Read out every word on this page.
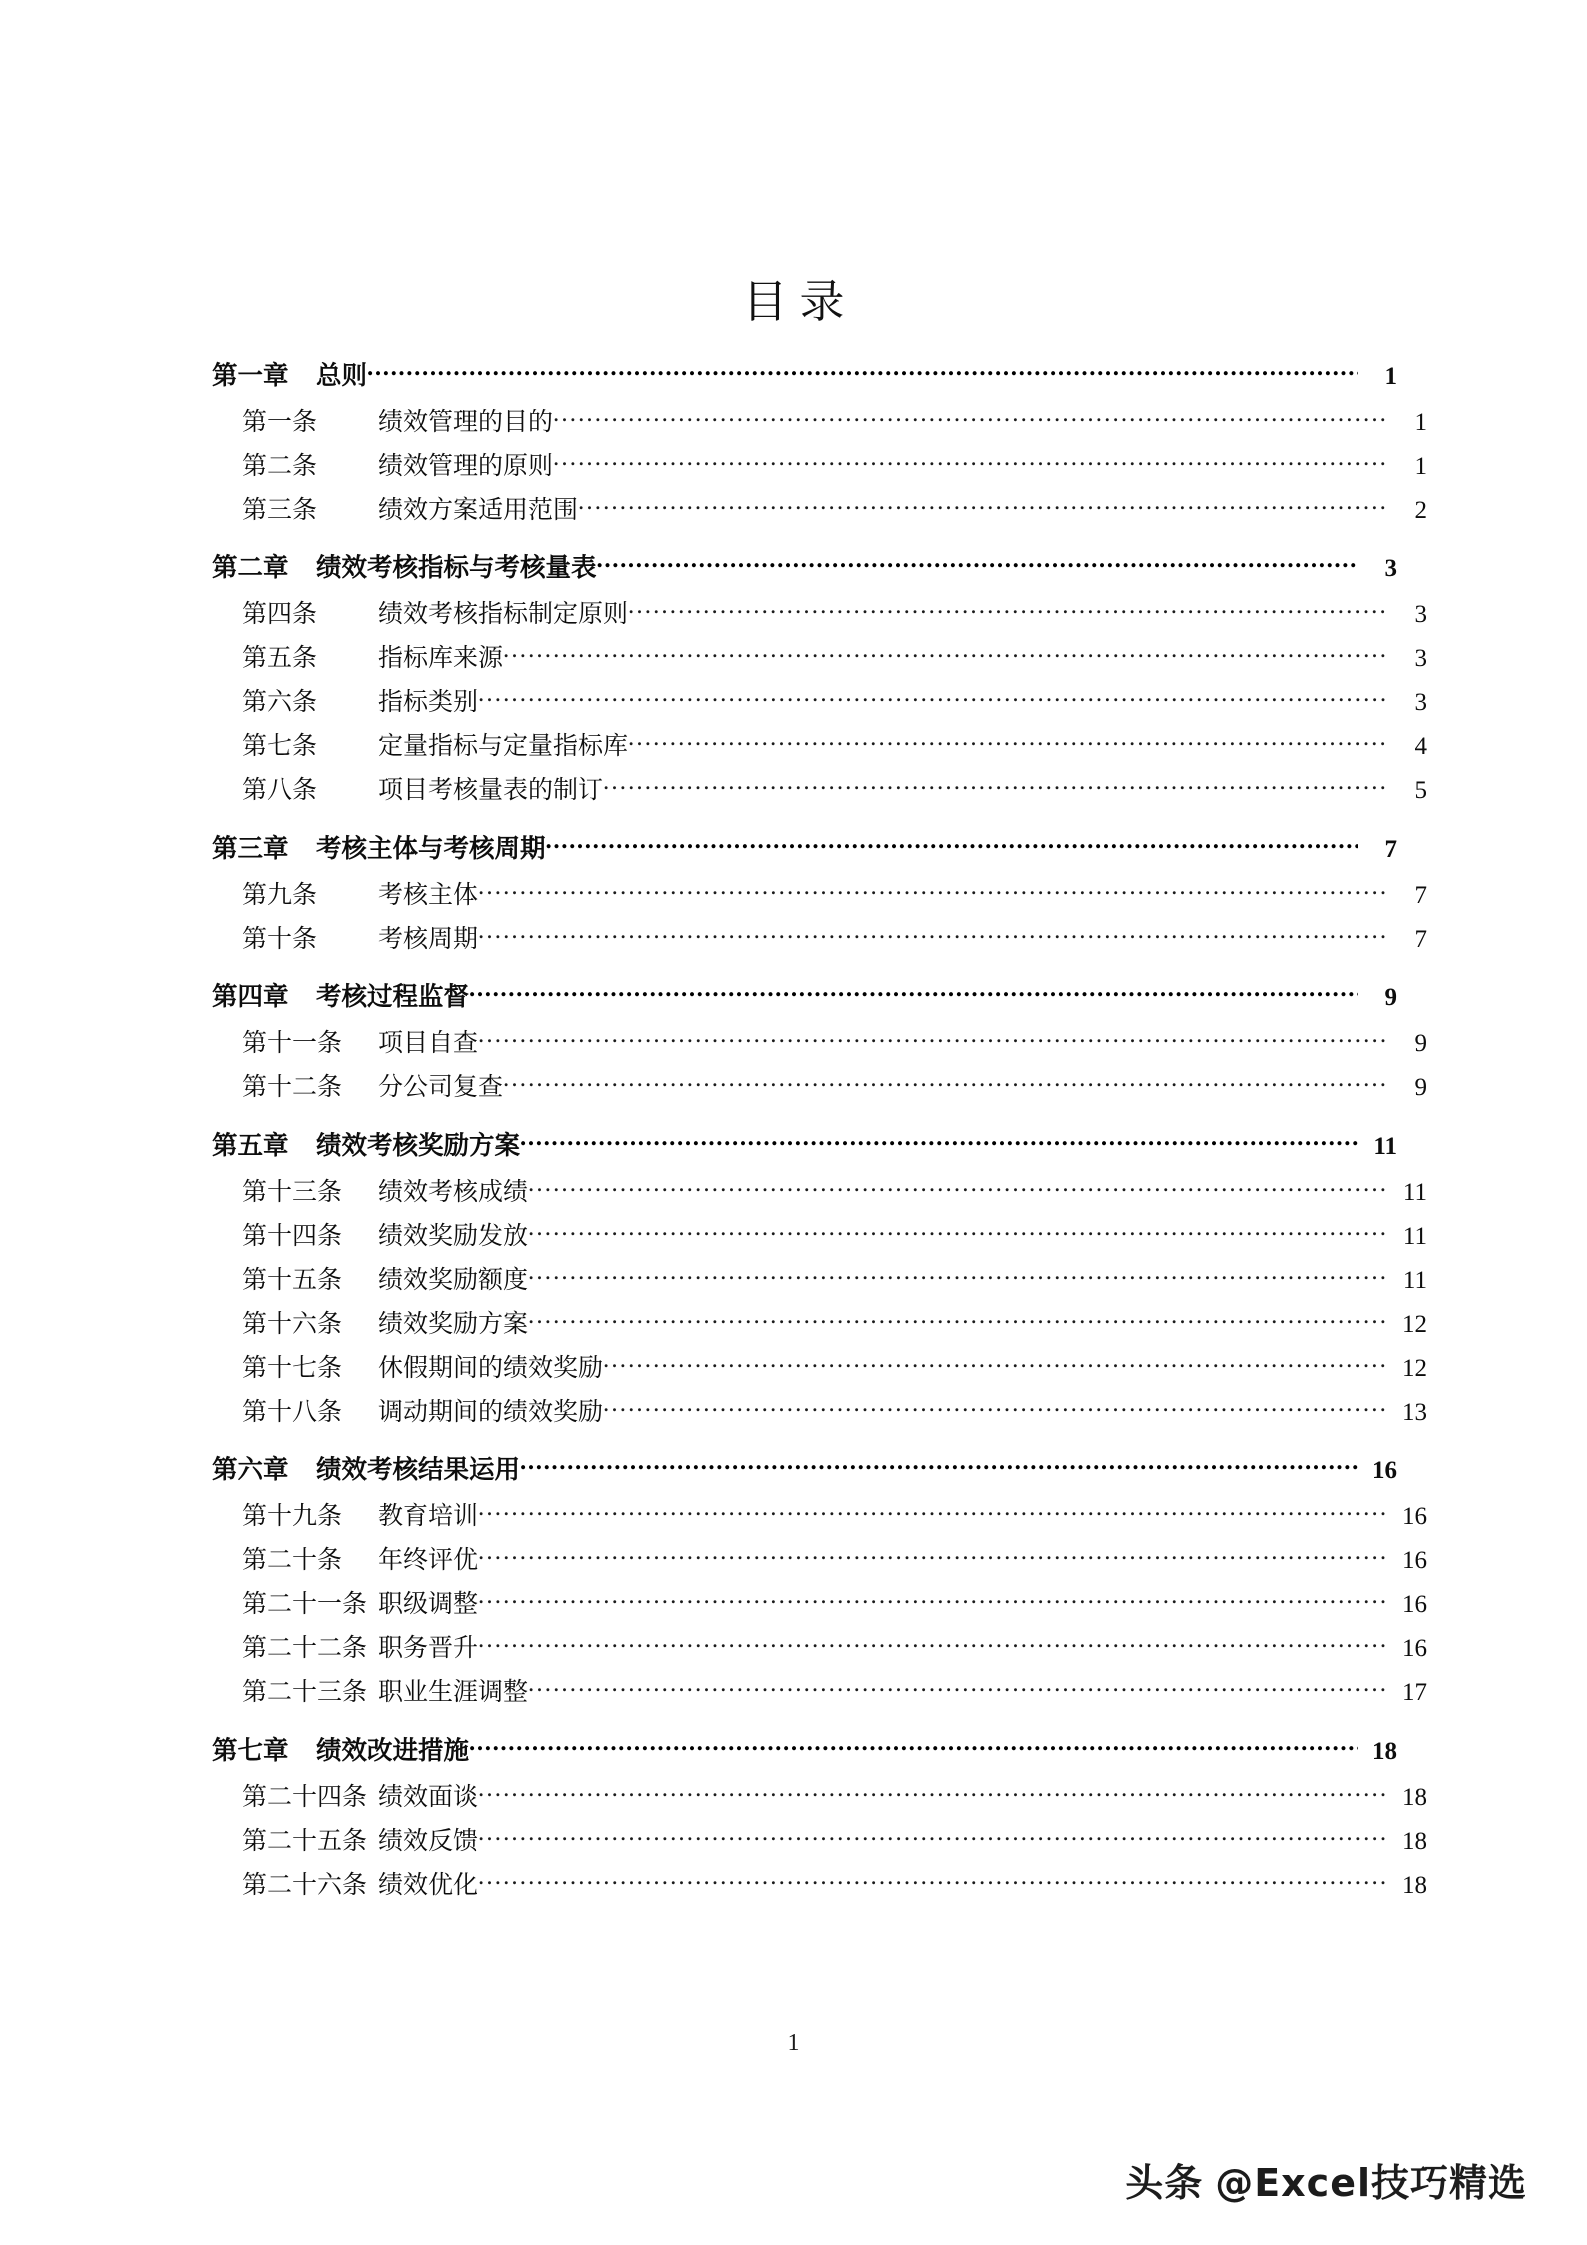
目录
第一章	总则 .....	1
第一条	绩效管理的目的 .....	1
第二条	绩效管理的原则 .....	1
第三条	绩效方案适用范围 .....	2
第二章	绩效考核指标与考核量表 .....	3
第四条	绩效考核指标制定原则 .....	3
第五条	指标库来源 .....	3
第六条	指标类别 .....	3
第七条	定量指标与定量指标库 .....	4
第八条	项目考核量表的制订 .....	5
第三章	考核主体与考核周期 .....	7
第九条	考核主体 .....	7
第十条	考核周期 .....	7
第四章	考核过程监督 .....	9
第十一条	项目自查 .....	9
第十二条	分公司复查 .....	9
第五章	绩效考核奖励方案 .....	11
第十三条	绩效考核成绩 .....	11
第十四条	绩效奖励发放 .....	11
第十五条	绩效奖励额度 .....	11
第十六条	绩效奖励方案 .....	12
第十七条	休假期间的绩效奖励 .....	12
第十八条	调动期间的绩效奖励 .....	13
第六章	绩效考核结果运用 .....	16
第十九条	教育培训 .....	16
第二十条	年终评优 .....	16
第二十一条 职级调整 .....	16
第二十二条 职务晋升 .....	16
第二十三条 职业生涯调整 .....	17
第七章	绩效改进措施 .....	18
第二十四条 绩效面谈 .....	18
第二十五条 绩效反馈 .....	18
第二十六条 绩效优化 .....	18
1
头条 @Excel技巧精选
